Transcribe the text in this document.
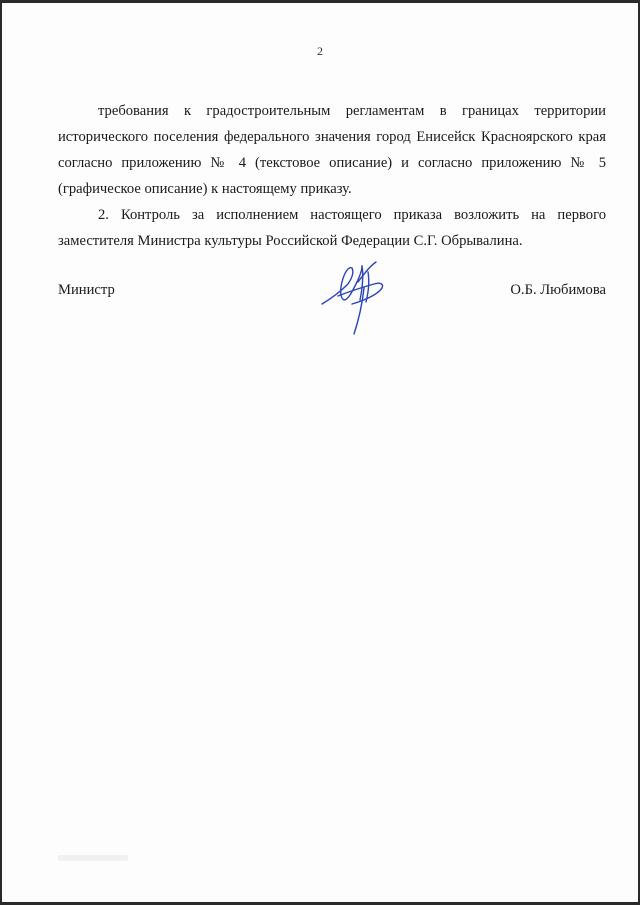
2

требования к градостроительным регламентам в границах территории исторического поселения федерального значения город Енисейск Красноярского края согласно приложению № 4 (текстовое описание) и согласно приложению № 5 (графическое описание) к настоящему приказу.

2. Контроль за исполнением настоящего приказа возложить на первого заместителя Министра культуры Российской Федерации С.Г. Обрывалина.

Министр	О.Б. Любимова
